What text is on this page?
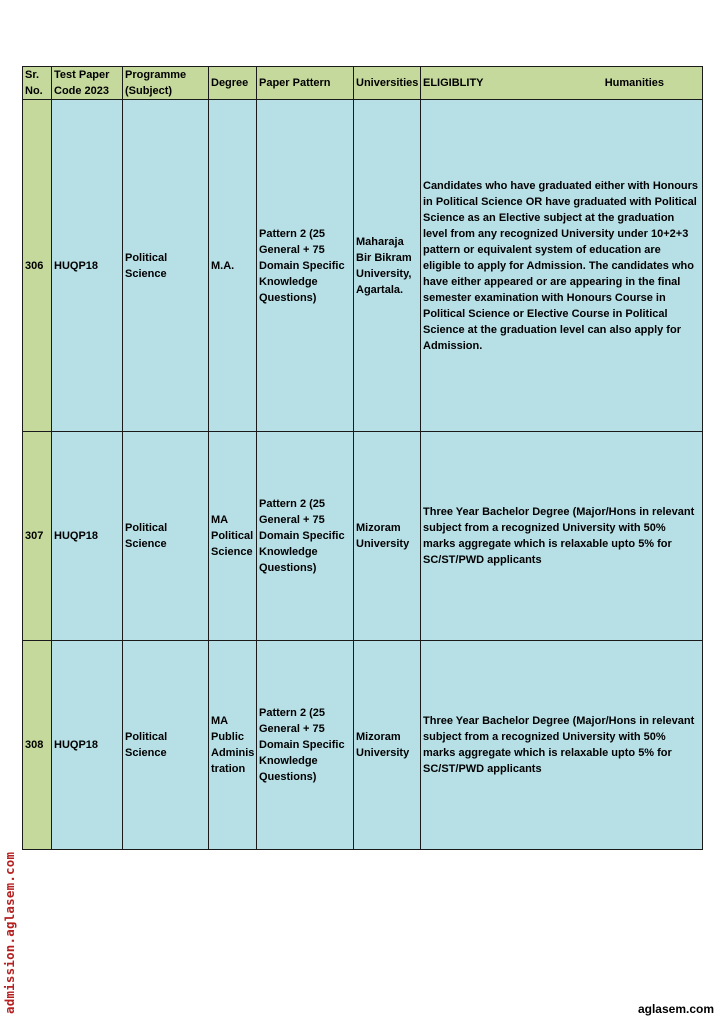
Sr. No.	Test Paper Code 2023	Programme (Subject)	Degree	Paper Pattern	Universities	ELIGIBLITY Humanities

306	HUQP18	Political Science	M.A.	Pattern 2 (25 General + 75 Domain Specific Knowledge Questions)	Maharaja Bir Bikram University, Agartala.	Candidates who have graduated either with Honours in Political Science OR have graduated with Political Science as an Elective subject at the graduation level from any recognized University under 10+2+3 pattern or equivalent system of education are eligible to apply for Admission. The candidates who have either appeared or are appearing in the final semester examination with Honours Course in Political Science or Elective Course in Political Science at the graduation level can also apply for Admission.
307	HUQP18	Political Science	MA Political Science	Pattern 2 (25 General + 75 Domain Specific Knowledge Questions)	Mizoram University	Three Year Bachelor Degree (Major/Hons in relevant subject from a recognized University with 50% marks aggregate which is relaxable upto 5% for SC/ST/PWD applicants
308	HUQP18	Political Science	MA Public Adminis tration	Pattern 2 (25 General + 75 Domain Specific Knowledge Questions)	Mizoram University	Three Year Bachelor Degree (Major/Hons in relevant subject from a recognized University with 50% marks aggregate which is relaxable upto 5% for SC/ST/PWD applicants
admission.aglasem.com	aglasem.com
